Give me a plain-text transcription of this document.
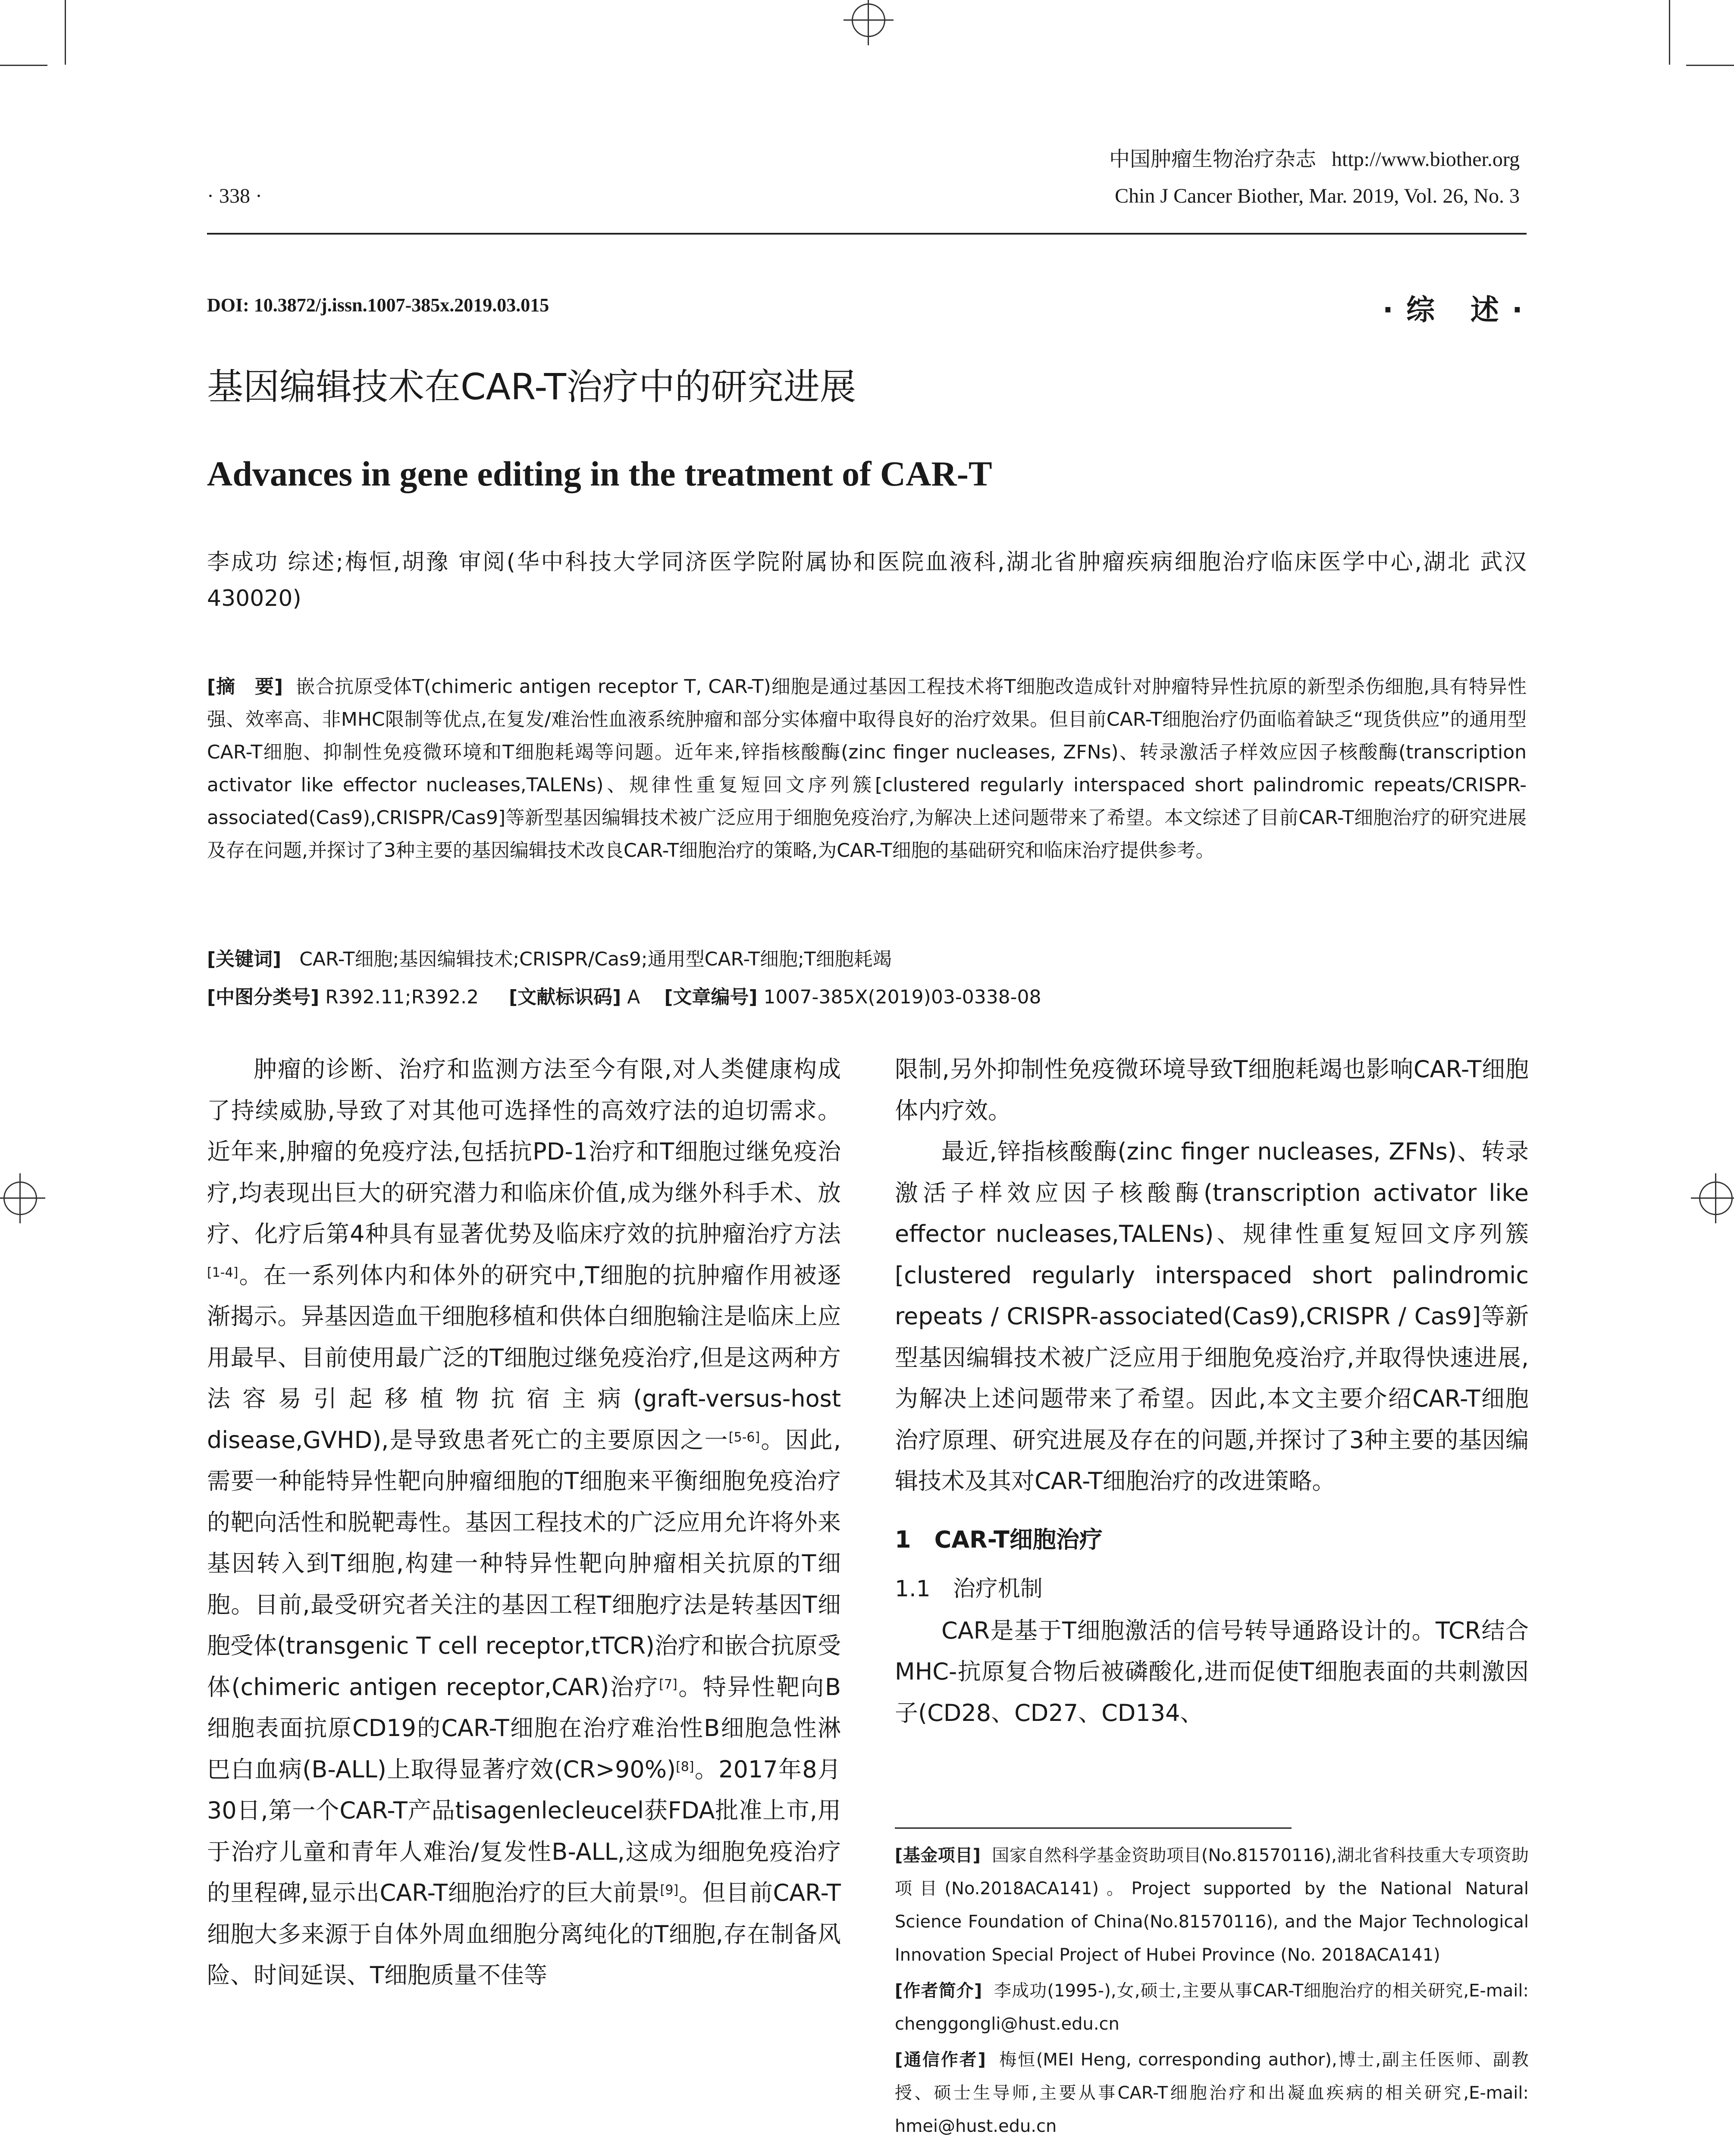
· 338 ·
中国肿瘤生物治疗杂志 http://www.biother.org
Chin J Cancer Biother, Mar. 2019, Vol. 26, No. 3
DOI: 10.3872/j.issn.1007-385x.2019.03.015	·综 述·
基因编辑技术在CAR-T治疗中的研究进展
Advances in gene editing in the treatment of CAR-T
李成功 综述;梅恒,胡豫 审阅(华中科技大学同济医学院附属协和医院血液科,湖北省肿瘤疾病细胞治疗临床医学中心,湖北 武汉 430020)
[摘　要] 嵌合抗原受体T(chimeric antigen receptor T, CAR-T)细胞是通过基因工程技术将T细胞改造成针对肿瘤特异性抗原的新型杀伤细胞,具有特异性强、效率高、非MHC限制等优点,在复发/难治性血液系统肿瘤和部分实体瘤中取得良好的治疗效果。但目前CAR-T细胞治疗仍面临着缺乏“现货供应”的通用型CAR-T细胞、抑制性免疫微环境和T细胞耗竭等问题。近年来,锌指核酸酶(zinc finger nucleases, ZFNs)、转录激活子样效应因子核酸酶(transcription activator like effector nucleases,TALENs)、规律性重复短回文序列簇[clustered regularly interspaced short palindromic repeats/CRISPR-associated(Cas9),CRISPR/Cas9]等新型基因编辑技术被广泛应用于细胞免疫治疗,为解决上述问题带来了希望。本文综述了目前CAR-T细胞治疗的研究进展及存在问题,并探讨了3种主要的基因编辑技术改良CAR-T细胞治疗的策略,为CAR-T细胞的基础研究和临床治疗提供参考。
[关键词] CAR-T细胞;基因编辑技术;CRISPR/Cas9;通用型CAR-T细胞;T细胞耗竭
[中图分类号] R392.11;R392.2 [文献标识码] A [文章编号] 1007-385X(2019)03-0338-08

肿瘤的诊断、治疗和监测方法至今有限,对人类健康构成了持续威胁,导致了对其他可选择性的高效疗法的迫切需求。近年来,肿瘤的免疫疗法,包括抗PD-1治疗和T细胞过继免疫治疗,均表现出巨大的研究潜力和临床价值,成为继外科手术、放疗、化疗后第4种具有显著优势及临床疗效的抗肿瘤治疗方法[1-4]。在一系列体内和体外的研究中,T细胞的抗肿瘤作用被逐渐揭示。异基因造血干细胞移植和供体白细胞输注是临床上应用最早、目前使用最广泛的T细胞过继免疫治疗,但是这两种方法容易引起移植物抗宿主病(graft-versus-host disease,GVHD),是导致患者死亡的主要原因之一[5-6]。因此,需要一种能特异性靶向肿瘤细胞的T细胞来平衡细胞免疫治疗的靶向活性和脱靶毒性。基因工程技术的广泛应用允许将外来基因转入到T细胞,构建一种特异性靶向肿瘤相关抗原的T细胞。目前,最受研究者关注的基因工程T细胞疗法是转基因T细胞受体(transgenic T cell receptor,tTCR)治疗和嵌合抗原受体(chimeric antigen receptor,CAR)治疗[7]。特异性靶向B细胞表面抗原CD19的CAR-T细胞在治疗难治性B细胞急性淋巴白血病(B-ALL)上取得显著疗效(CR>90%)[8]。2017年8月30日,第一个CAR-T产品tisagenlecleucel获FDA批准上市,用于治疗儿童和青年人难治/复发性B-ALL,这成为细胞免疫治疗的里程碑,显示出CAR-T细胞治疗的巨大前景[9]。但目前CAR-T细胞大多来源于自体外周血细胞分离纯化的T细胞,存在制备风险、时间延误、T细胞质量不佳等

限制,另外抑制性免疫微环境导致T细胞耗竭也影响CAR-T细胞体内疗效。

最近,锌指核酸酶(zinc finger nucleases, ZFNs)、转录激活子样效应因子核酸酶(transcription activator like effector nucleases,TALENs)、规律性重复短回文序列簇[clustered regularly interspaced short palindromic repeats / CRISPR-associated(Cas9),CRISPR / Cas9]等新型基因编辑技术被广泛应用于细胞免疫治疗,并取得快速进展,为解决上述问题带来了希望。因此,本文主要介绍CAR-T细胞治疗原理、研究进展及存在的问题,并探讨了3种主要的基因编辑技术及其对CAR-T细胞治疗的改进策略。

1　CAR-T细胞治疗
1.1　治疗机制

CAR是基于T细胞激活的信号转导通路设计的。TCR结合MHC-抗原复合物后被磷酸化,进而促使T细胞表面的共刺激因子(CD28、CD27、CD134、

[基金项目] 国家自然科学基金资助项目(No.81570116),湖北省科技重大专项资助项目(No.2018ACA141)。Project supported by the National Natural Science Foundation of China(No.81570116), and the Major Technological Innovation Special Project of Hubei Province (No. 2018ACA141)

[作者简介] 李成功(1995-),女,硕士,主要从事CAR-T细胞治疗的相关研究,E-mail: chenggongli@hust.edu.cn

[通信作者] 梅恒(MEI Heng, corresponding author),博士,副主任医师、副教授、硕士生导师,主要从事CAR-T细胞治疗和出凝血疾病的相关研究,E-mail: hmei@hust.edu.cn
